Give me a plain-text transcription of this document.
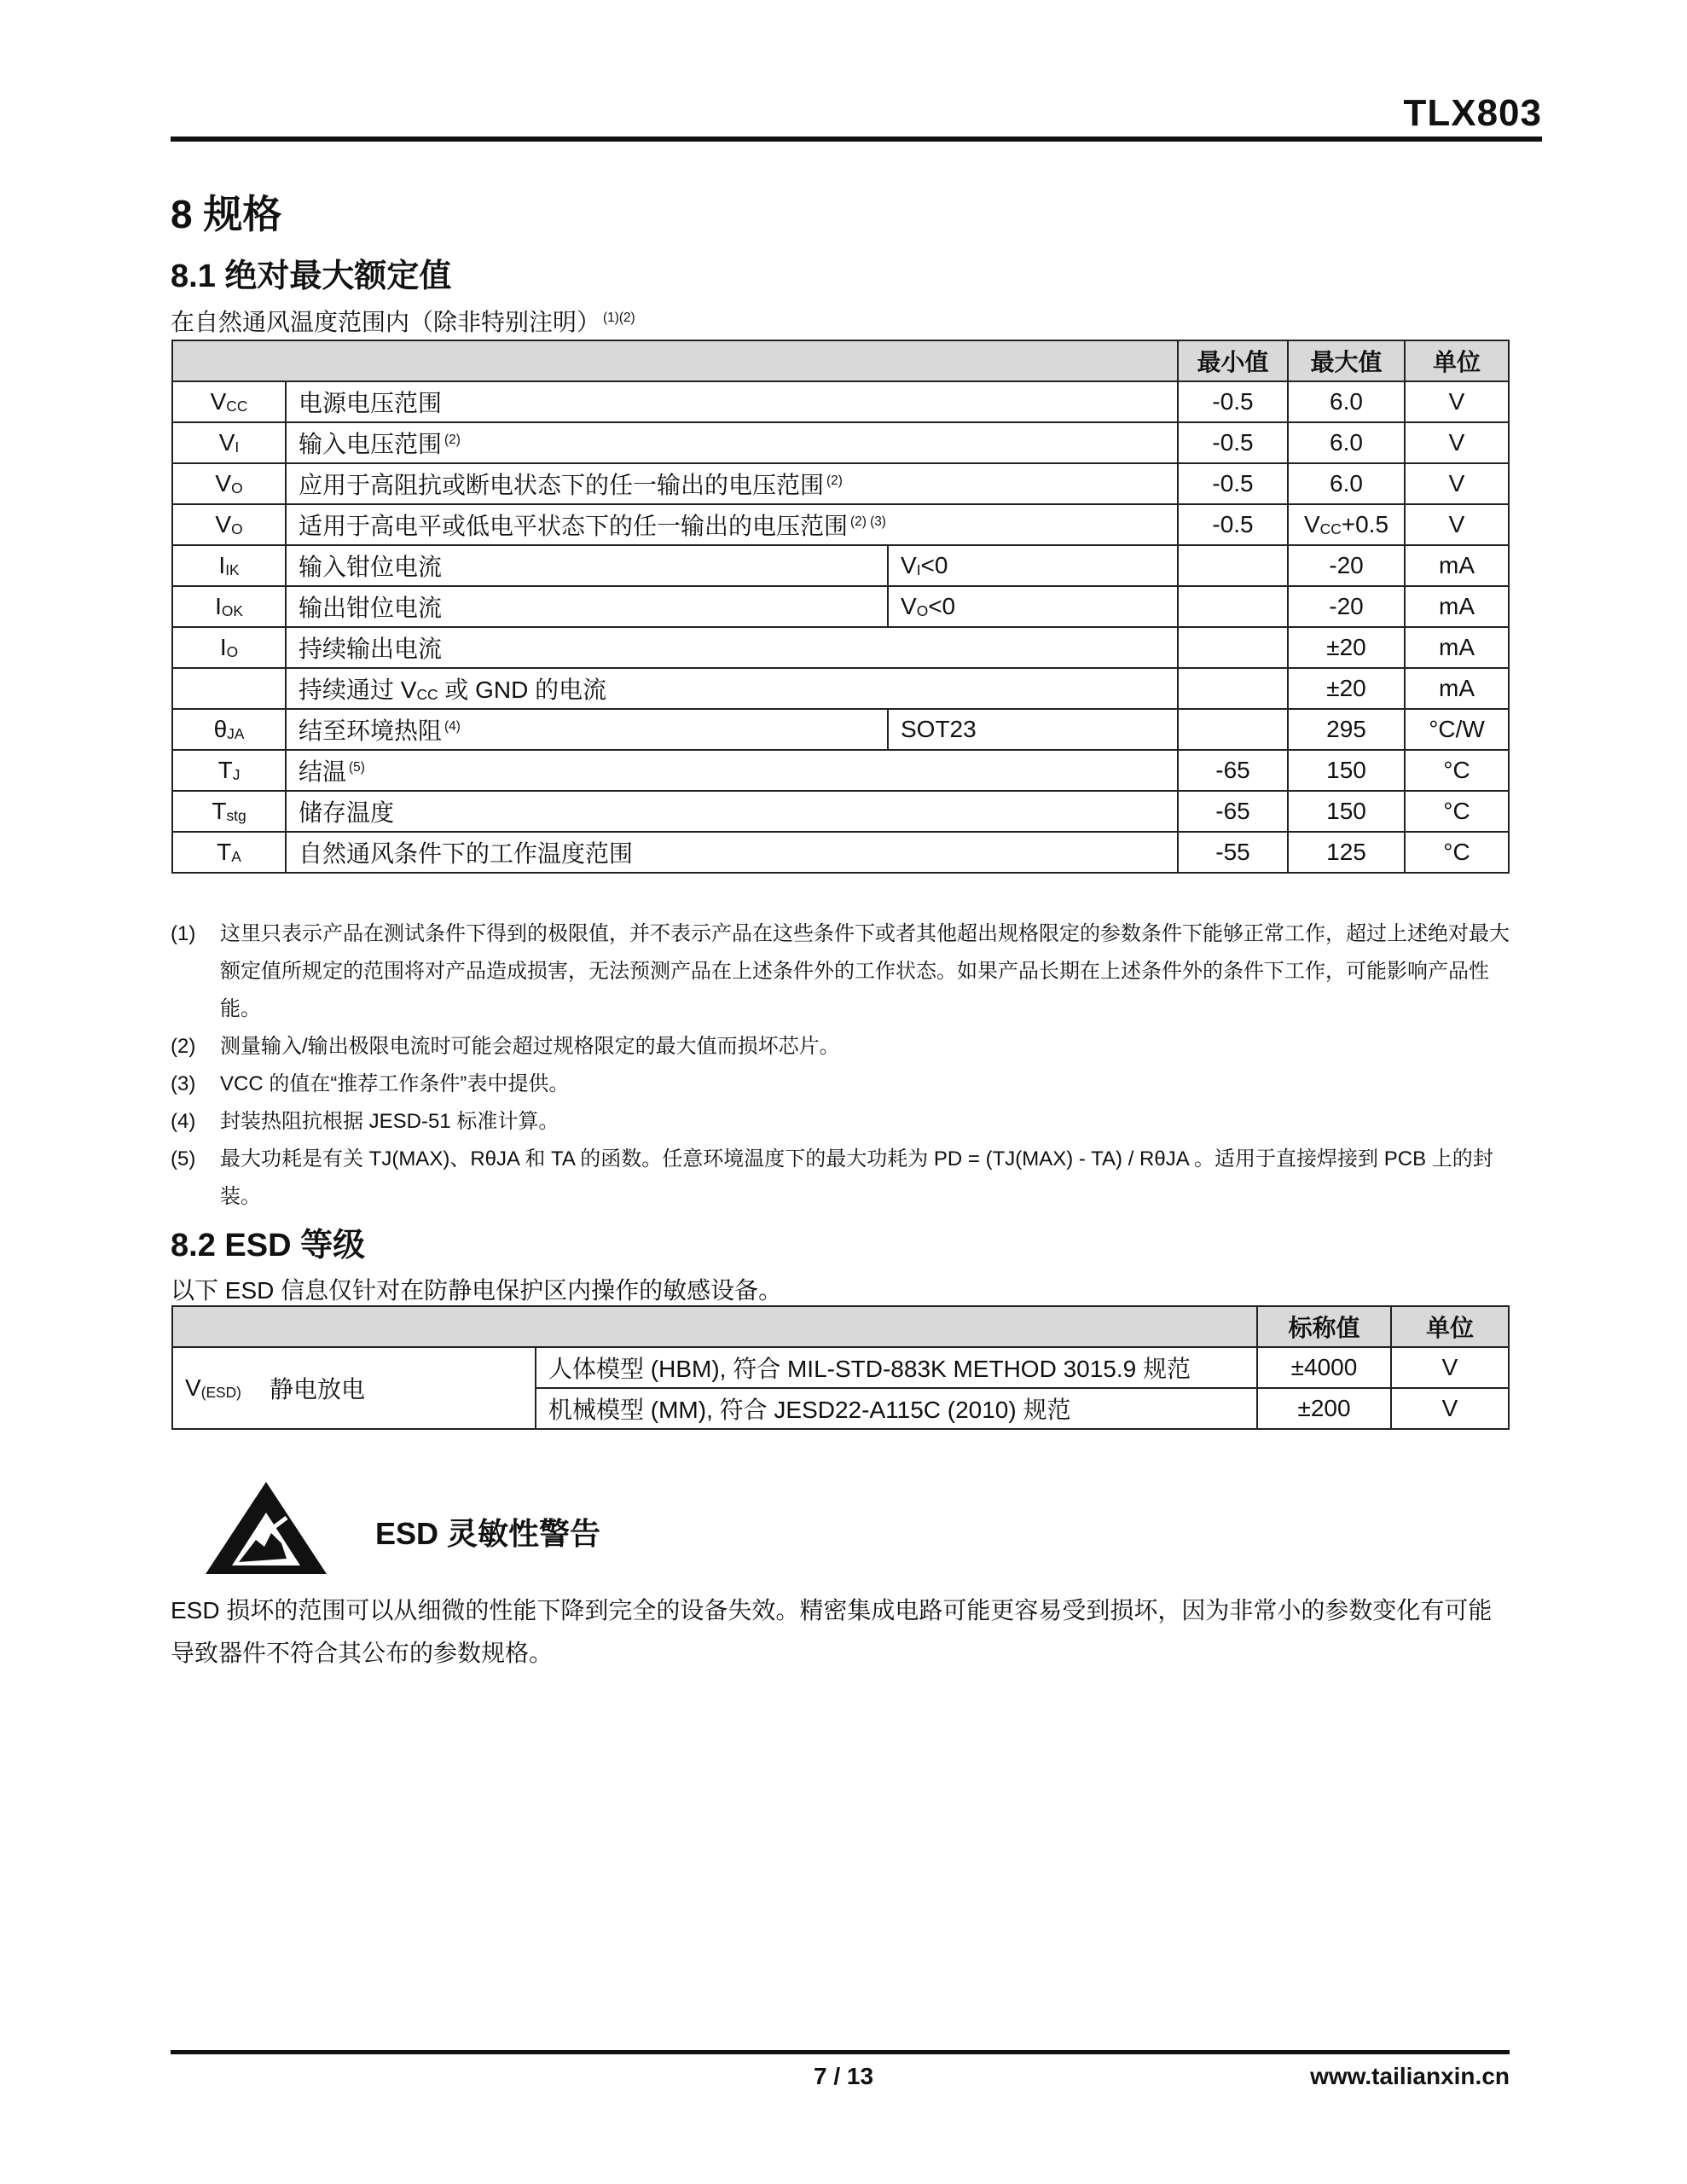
TLX803
8 规格
8.1 绝对最大额定值
在自然通风温度范围内（除非特别注明） $^{(1)(2)}$
			最小值	最大值	单位
$V_{CC}$	电源电压范围		-0.5	6.0	V
$V_I$	输入电压范围 $^{(2)}$		-0.5	6.0	V
$V_O$	应用于高阻抗或断电状态下的任一输出的电压范围 $^{(2)}$		-0.5	6.0	V
$V_O$	适用于高电平或低电平状态下的任一输出的电压范围 $^{(2) (3)}$		-0.5	$V_{CC}+0.5$	V
$I_{IK}$	输入钳位电流	$V_I<0$		-20	mA
$I_{OK}$	输出钳位电流	$V_O<0$		-20	mA
$I_O$	持续输出电流			±20	mA
	持续通过 $V_{CC}$ 或 GND 的电流			±20	mA
$\theta_{JA}$	结至环境热阻 $^{(4)}$	SOT23		295	°C/W
$T_J$	结温 $^{(5)}$		-65	150	°C
$T_{stg}$	储存温度		-65	150	°C
$T_A$	自然通风条件下的工作温度范围		-55	125	°C
(1)	这里只表示产品在测试条件下得到的极限值，并不表示产品在这些条件下或者其他超出规格限定的参数条件下能够正常工作，超过上述绝对最大额定值所规定的范围将对产品造成损害，无法预测产品在上述条件外的工作状态。如果产品长期在上述条件外的条件下工作，可能影响产品性能。
(2)	测量输入/输出极限电流时可能会超过规格限定的最大值而损坏芯片。
(3)	VCC 的值在“推荐工作条件”表中提供。
(4)	封装热阻抗根据 JESD-51 标准计算。
(5)	最大功耗是有关 TJ(MAX)、RθJA 和 TA 的函数。任意环境温度下的最大功耗为 PD = (TJ(MAX) - TA) / RθJA 。适用于直接焊接到 PCB 上的封装。
8.2 ESD 等级
以下 ESD 信息仅针对在防静电保护区内操作的敏感设备。
			标称值	单位
$V_{(ESD)}$	静电放电	人体模型 (HBM), 符合 MIL-STD-883K METHOD 3015.9 规范	±4000	V
		机械模型 (MM), 符合 JESD22-A115C (2010) 规范	±200	V
ESD 灵敏性警告
ESD 损坏的范围可以从细微的性能下降到完全的设备失效。精密集成电路可能更容易受到损坏，因为非常小的参数变化有可能导致器件不符合其公布的参数规格。
7 / 13	www.tailianxin.cn
